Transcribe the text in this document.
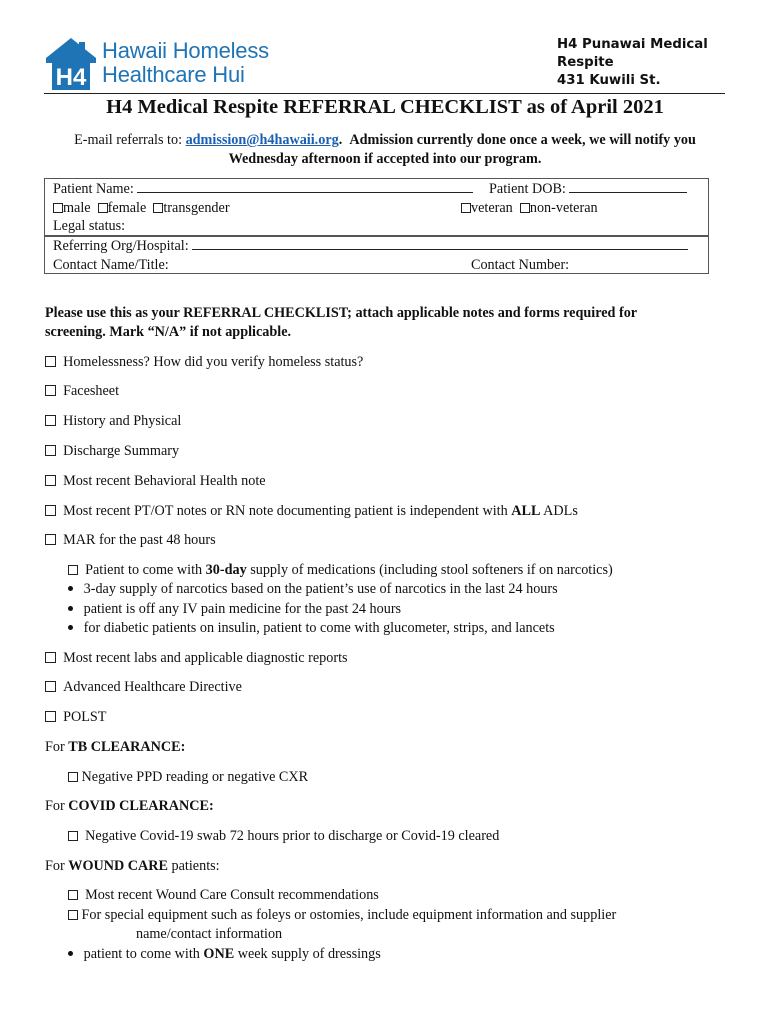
H4
Hawaii Homeless
Healthcare Hui
H4 Punawai Medical
Respite
431 Kuwili St.
H4 Medical Respite REFERRAL CHECKLIST as of April 2021
E-mail referrals to: admission@h4hawaii.org. Admission currently done once a week, we will notify you
Wednesday afternoon if accepted into our program.
Patient Name:	Patient DOB:
male female transgender	veteran non-veteran
Legal status:
Referring Org/Hospital:
Contact Name/Title:	Contact Number:
Please use this as your REFERRAL CHECKLIST; attach applicable notes and forms required for
screening. Mark “N/A” if not applicable.
Homelessness? How did you verify homeless status?
Facesheet
History and Physical
Discharge Summary
Most recent Behavioral Health note
Most recent PT/OT notes or RN note documenting patient is independent with ALL ADLs
MAR for the past 48 hours
Patient to come with 30-day supply of medications (including stool softeners if on narcotics)
3-day supply of narcotics based on the patient’s use of narcotics in the last 24 hours
patient is off any IV pain medicine for the past 24 hours
for diabetic patients on insulin, patient to come with glucometer, strips, and lancets
Most recent labs and applicable diagnostic reports
Advanced Healthcare Directive
POLST
For TB CLEARANCE:
Negative PPD reading or negative CXR
For COVID CLEARANCE:
Negative Covid-19 swab 72 hours prior to discharge or Covid-19 cleared
For WOUND CARE patients:
Most recent Wound Care Consult recommendations
For special equipment such as foleys or ostomies, include equipment information and supplier
name/contact information
patient to come with ONE week supply of dressings
